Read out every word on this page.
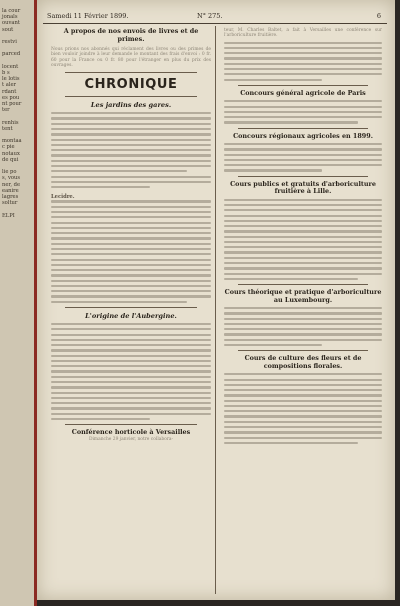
la cour
jonals
ouvant
sout

restvi

parced

locent
b s
le lotis
t aler
rdant
es pou
nt pour
ter

renhis
tent

montaa
c pie
notaux
de qui

lie po
s, vous
ner, de
eanire
lagres
soltur

ELPI
Samedi 11 Février 1899.	N° 275.	6
A propos de nos envois de livres et de primes.
Nous prions nos abonnés qui réclament des livres ou des primes de bien vouloir joindre à leur demande le montant des frais d'envoi : 0 fr. 60 pour la France ou 0 fr. 80 pour l'étranger en plus du prix des ouvrages.
CHRONIQUE
Les jardins des gares.
Lecidre.
L'origine de l'Aubergine.
Conférence horticole à Versailles
Dimanche 29 janvier, notre collabora-
teur, M. Charles Baltet, a fait à Versailles une conférence sur l'arboriculture fruitière.
Concours général agricole de Paris
Concours régionaux agricoles en 1899.
Cours publics et gratuits d'arboriculture fruitière à Lille.
Cours théorique et pratique d'arboriculture au Luxembourg.
Cours de culture des fleurs et de compositions florales.
